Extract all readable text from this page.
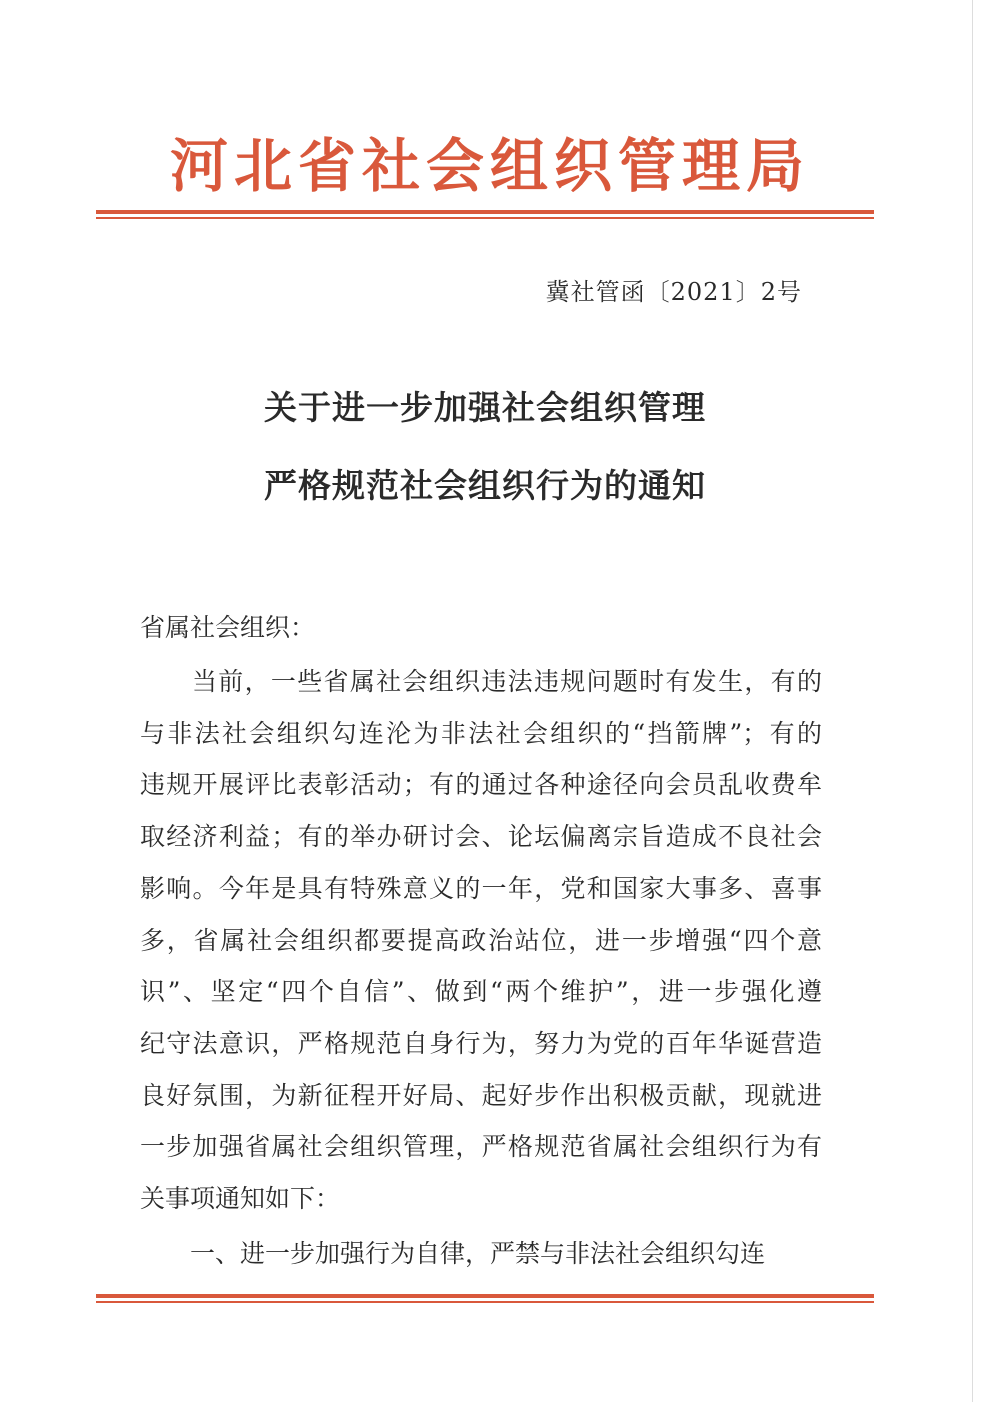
河北省社会组织管理局
冀社管函〔2021〕2号
关于进一步加强社会组织管理
严格规范社会组织行为的通知
省属社会组织：
当前，一些省属社会组织违法违规问题时有发生，有的
与非法社会组织勾连沦为非法社会组织的“挡箭牌”；有的
违规开展评比表彰活动；有的通过各种途径向会员乱收费牟
取经济利益；有的举办研讨会、论坛偏离宗旨造成不良社会
影响。今年是具有特殊意义的一年，党和国家大事多、喜事
多，省属社会组织都要提高政治站位，进一步增强“四个意
识”、坚定“四个自信”、做到“两个维护”，进一步强化遵
纪守法意识，严格规范自身行为，努力为党的百年华诞营造
良好氛围，为新征程开好局、起好步作出积极贡献，现就进
一步加强省属社会组织管理，严格规范省属社会组织行为有
关事项通知如下：
一、进一步加强行为自律，严禁与非法社会组织勾连
